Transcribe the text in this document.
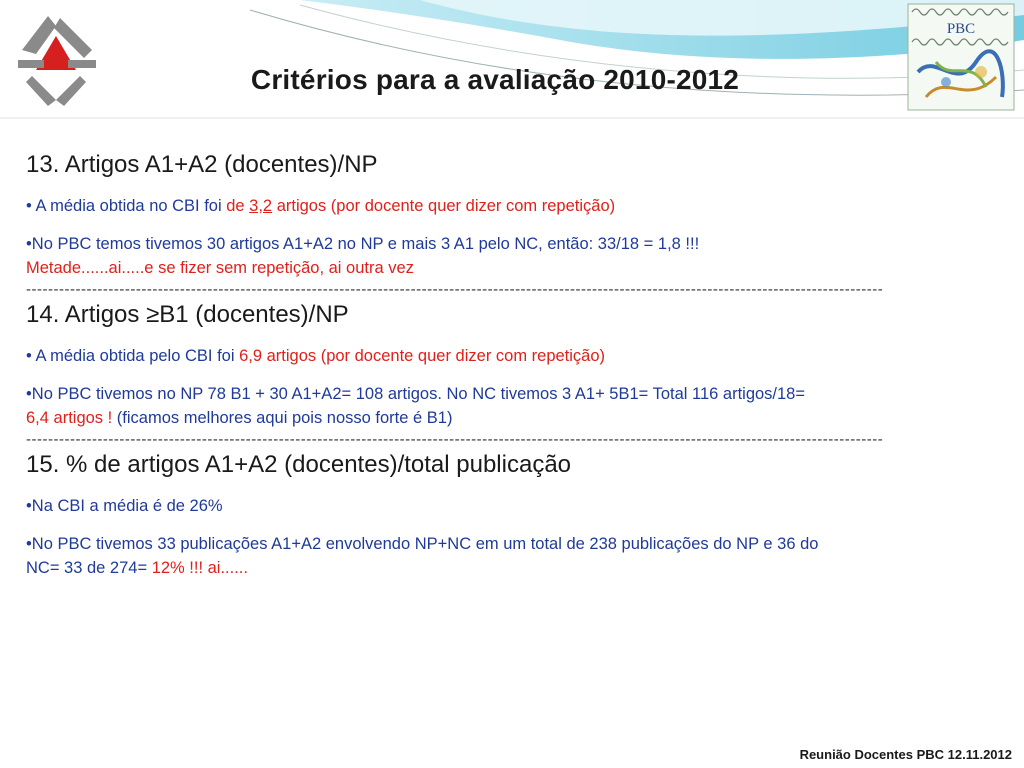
PBC
Critérios para a avaliação 2010-2012

13. Artigos A1+A2 (docentes)/NP

• A média obtida no CBI foi de 3,2 artigos (por docente quer dizer com repetição)

•No PBC temos tivemos 30 artigos A1+A2 no NP e mais 3 A1 pelo NC, então: 33/18 = 1,8 !!!

Metade......ai.....e se fizer sem repetição, ai outra vez

------------------------------------------------------------------------------------------------------------------------------------------------------------

14. Artigos ≥B1 (docentes)/NP

• A média obtida pelo CBI foi 6,9 artigos (por docente quer dizer com repetição)

•No PBC tivemos no NP 78 B1 + 30 A1+A2= 108 artigos. No NC tivemos 3 A1+ 5B1= Total 116 artigos/18=

6,4 artigos ! (ficamos melhores aqui pois nosso forte é B1)

------------------------------------------------------------------------------------------------------------------------------------------------------------

15. % de artigos A1+A2 (docentes)/total publicação

•Na CBI a média é de 26%

•No PBC tivemos 33 publicações A1+A2 envolvendo NP+NC em um total de 238 publicações do NP e 36 do

NC= 33 de 274= 12% !!! ai......

Reunião Docentes PBC 12.11.2012
